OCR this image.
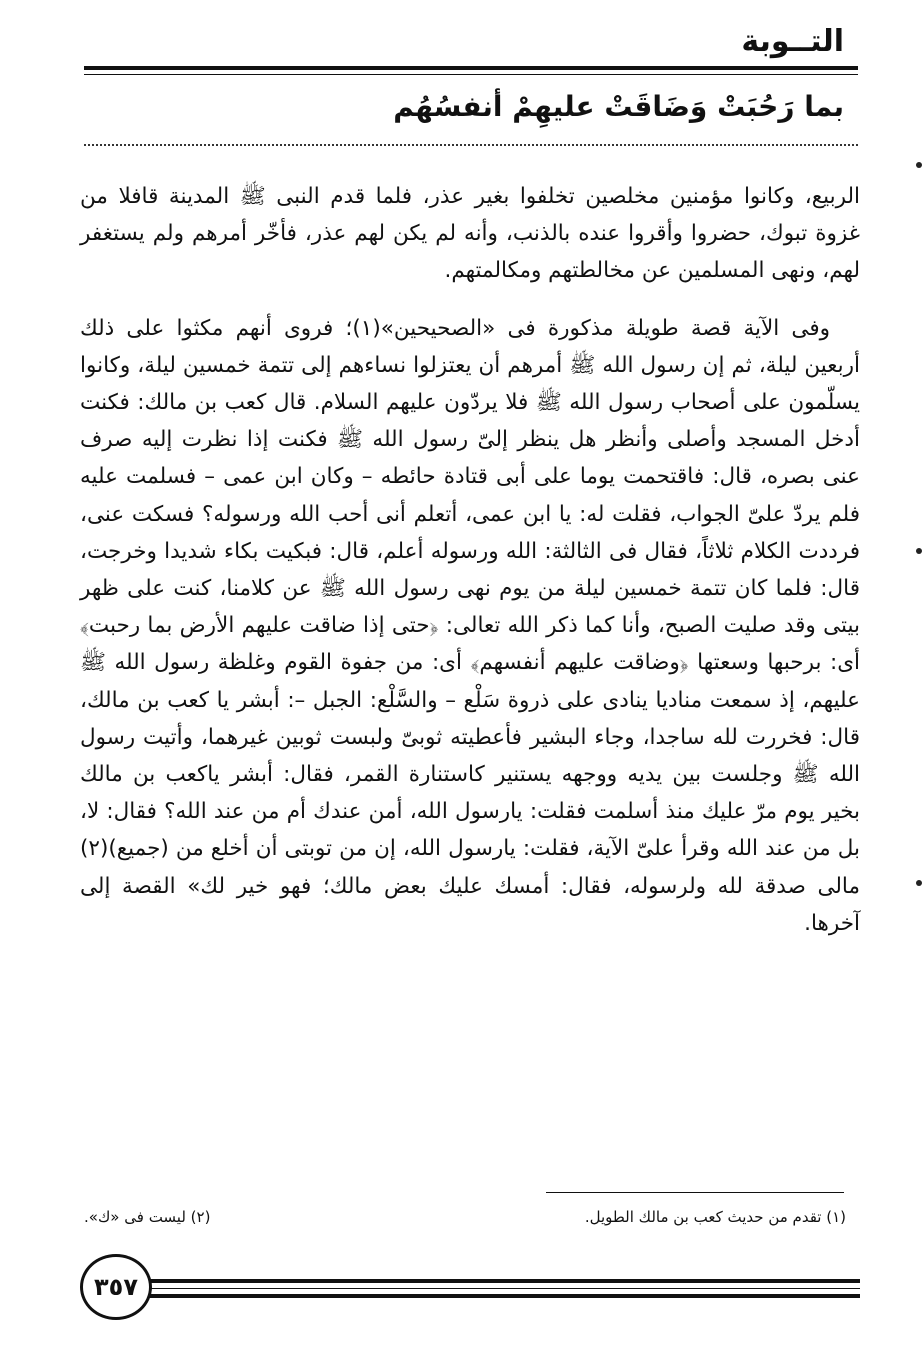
التــوبة
بما رَحُبَتْ وَضَاقَتْ عليهِمْ أنفسُهُم

الربيع، وكانوا مؤمنين مخلصين تخلفوا بغير عذر، فلما قدم النبى ﷺ المدينة قافلا من غزوة تبوك، حضروا وأقروا عنده بالذنب، وأنه لم يكن لهم عذر، فأخّر أمرهم ولم يستغفر لهم، ونهى المسلمين عن مخالطتهم ومكالمتهم.

وفى الآية قصة طويلة مذكورة فى «الصحيحين»(١)؛ فروى أنهم مكثوا على ذلك أربعين ليلة، ثم إن رسول الله ﷺ أمرهم أن يعتزلوا نساءهم إلى تتمة خمسين ليلة، وكانوا يسلّمون على أصحاب رسول الله ﷺ فلا يردّون عليهم السلام. قال كعب بن مالك: فكنت أدخل المسجد وأصلى وأنظر هل ينظر إلىّ رسول الله ﷺ فكنت إذا نظرت إليه صرف عنى بصره، قال: فاقتحمت يوما على أبى قتادة حائطه – وكان ابن عمى – فسلمت عليه فلم يردّ علىّ الجواب، فقلت له: يا ابن عمى، أتعلم أنى أحب الله ورسوله؟ فسكت عنى، فرددت الكلام ثلاثاً، فقال فى الثالثة: الله ورسوله أعلم، قال: فبكيت بكاء شديدا وخرجت، قال: فلما كان تتمة خمسين ليلة من يوم نهى رسول الله ﷺ عن كلامنا، كنت على ظهر بيتى وقد صليت الصبح، وأنا كما ذكر الله تعالى: ﴿حتى إذا ضاقت عليهم الأرض بما رحبت﴾ أى: برحبها وسعتها ﴿وضاقت عليهم أنفسهم﴾ أى: من جفوة القوم وغلظة رسول الله ﷺ عليهم، إذ سمعت مناديا ينادى على ذروة سَلْع – والسَّلْع: الجبل –: أبشر يا كعب بن مالك، قال: فخررت لله ساجدا، وجاء البشير فأعطيته ثوبىّ ولبست ثوبين غيرهما، وأتيت رسول الله ﷺ وجلست بين يديه ووجهه يستنير كاستنارة القمر، فقال: أبشر ياكعب بن مالك بخير يوم مرّ عليك منذ أسلمت فقلت: يارسول الله، أمن عندك أم من عند الله؟ فقال: لا، بل من عند الله وقرأ علىّ الآية، فقلت: يارسول الله، إن من توبتى أن أخلع من (جميع)(٢) مالى صدقة لله ولرسوله، فقال: أمسك عليك بعض مالك؛ فهو خير لك» القصة إلى آخرها.

(١) تقدم من حديث كعب بن مالك الطويل.
(٢) ليست فى «ك».
٣٥٧
